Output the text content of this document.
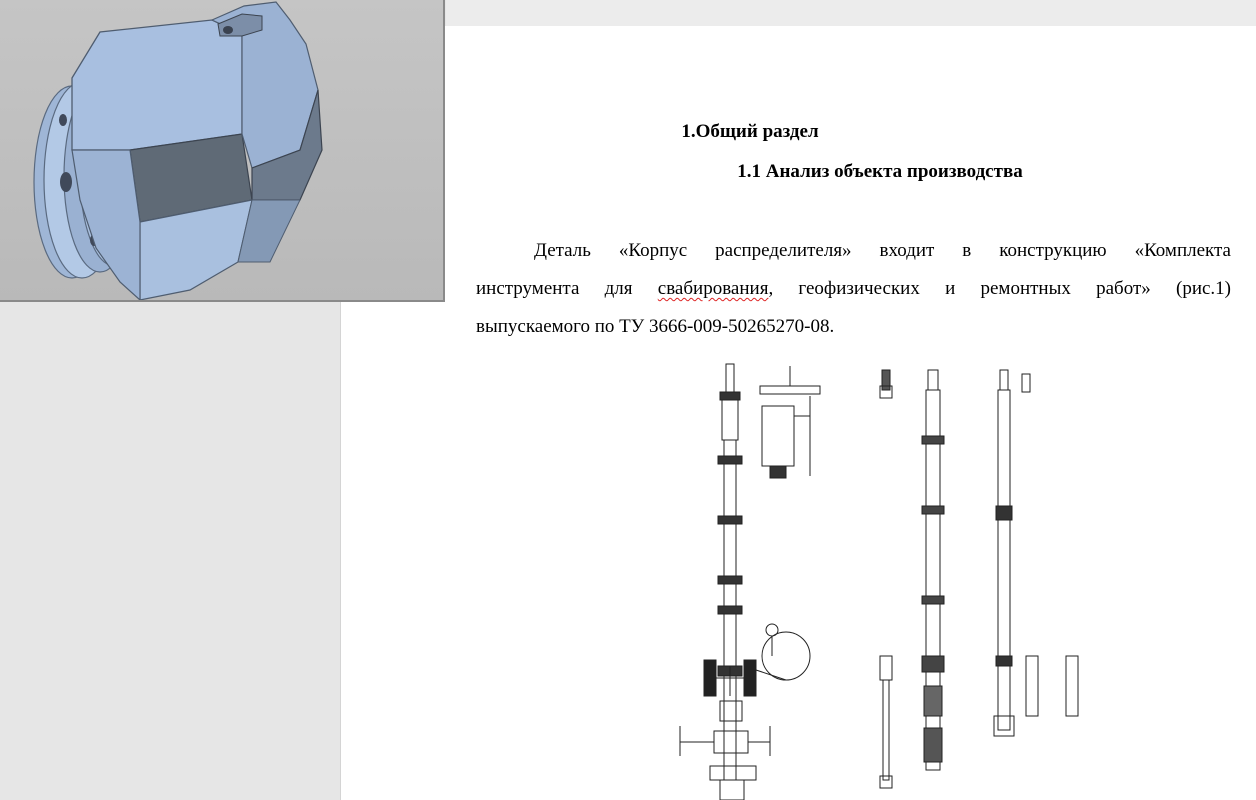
1.Общий раздел
1.1 Анализ объекта производства
Деталь «Корпус распределителя» входит в конструкцию «Комплекта
инструмента для свабирования, геофизических и ремонтных работ» (рис.1)
выпускаемого по ТУ 3666-009-50265270-08.
